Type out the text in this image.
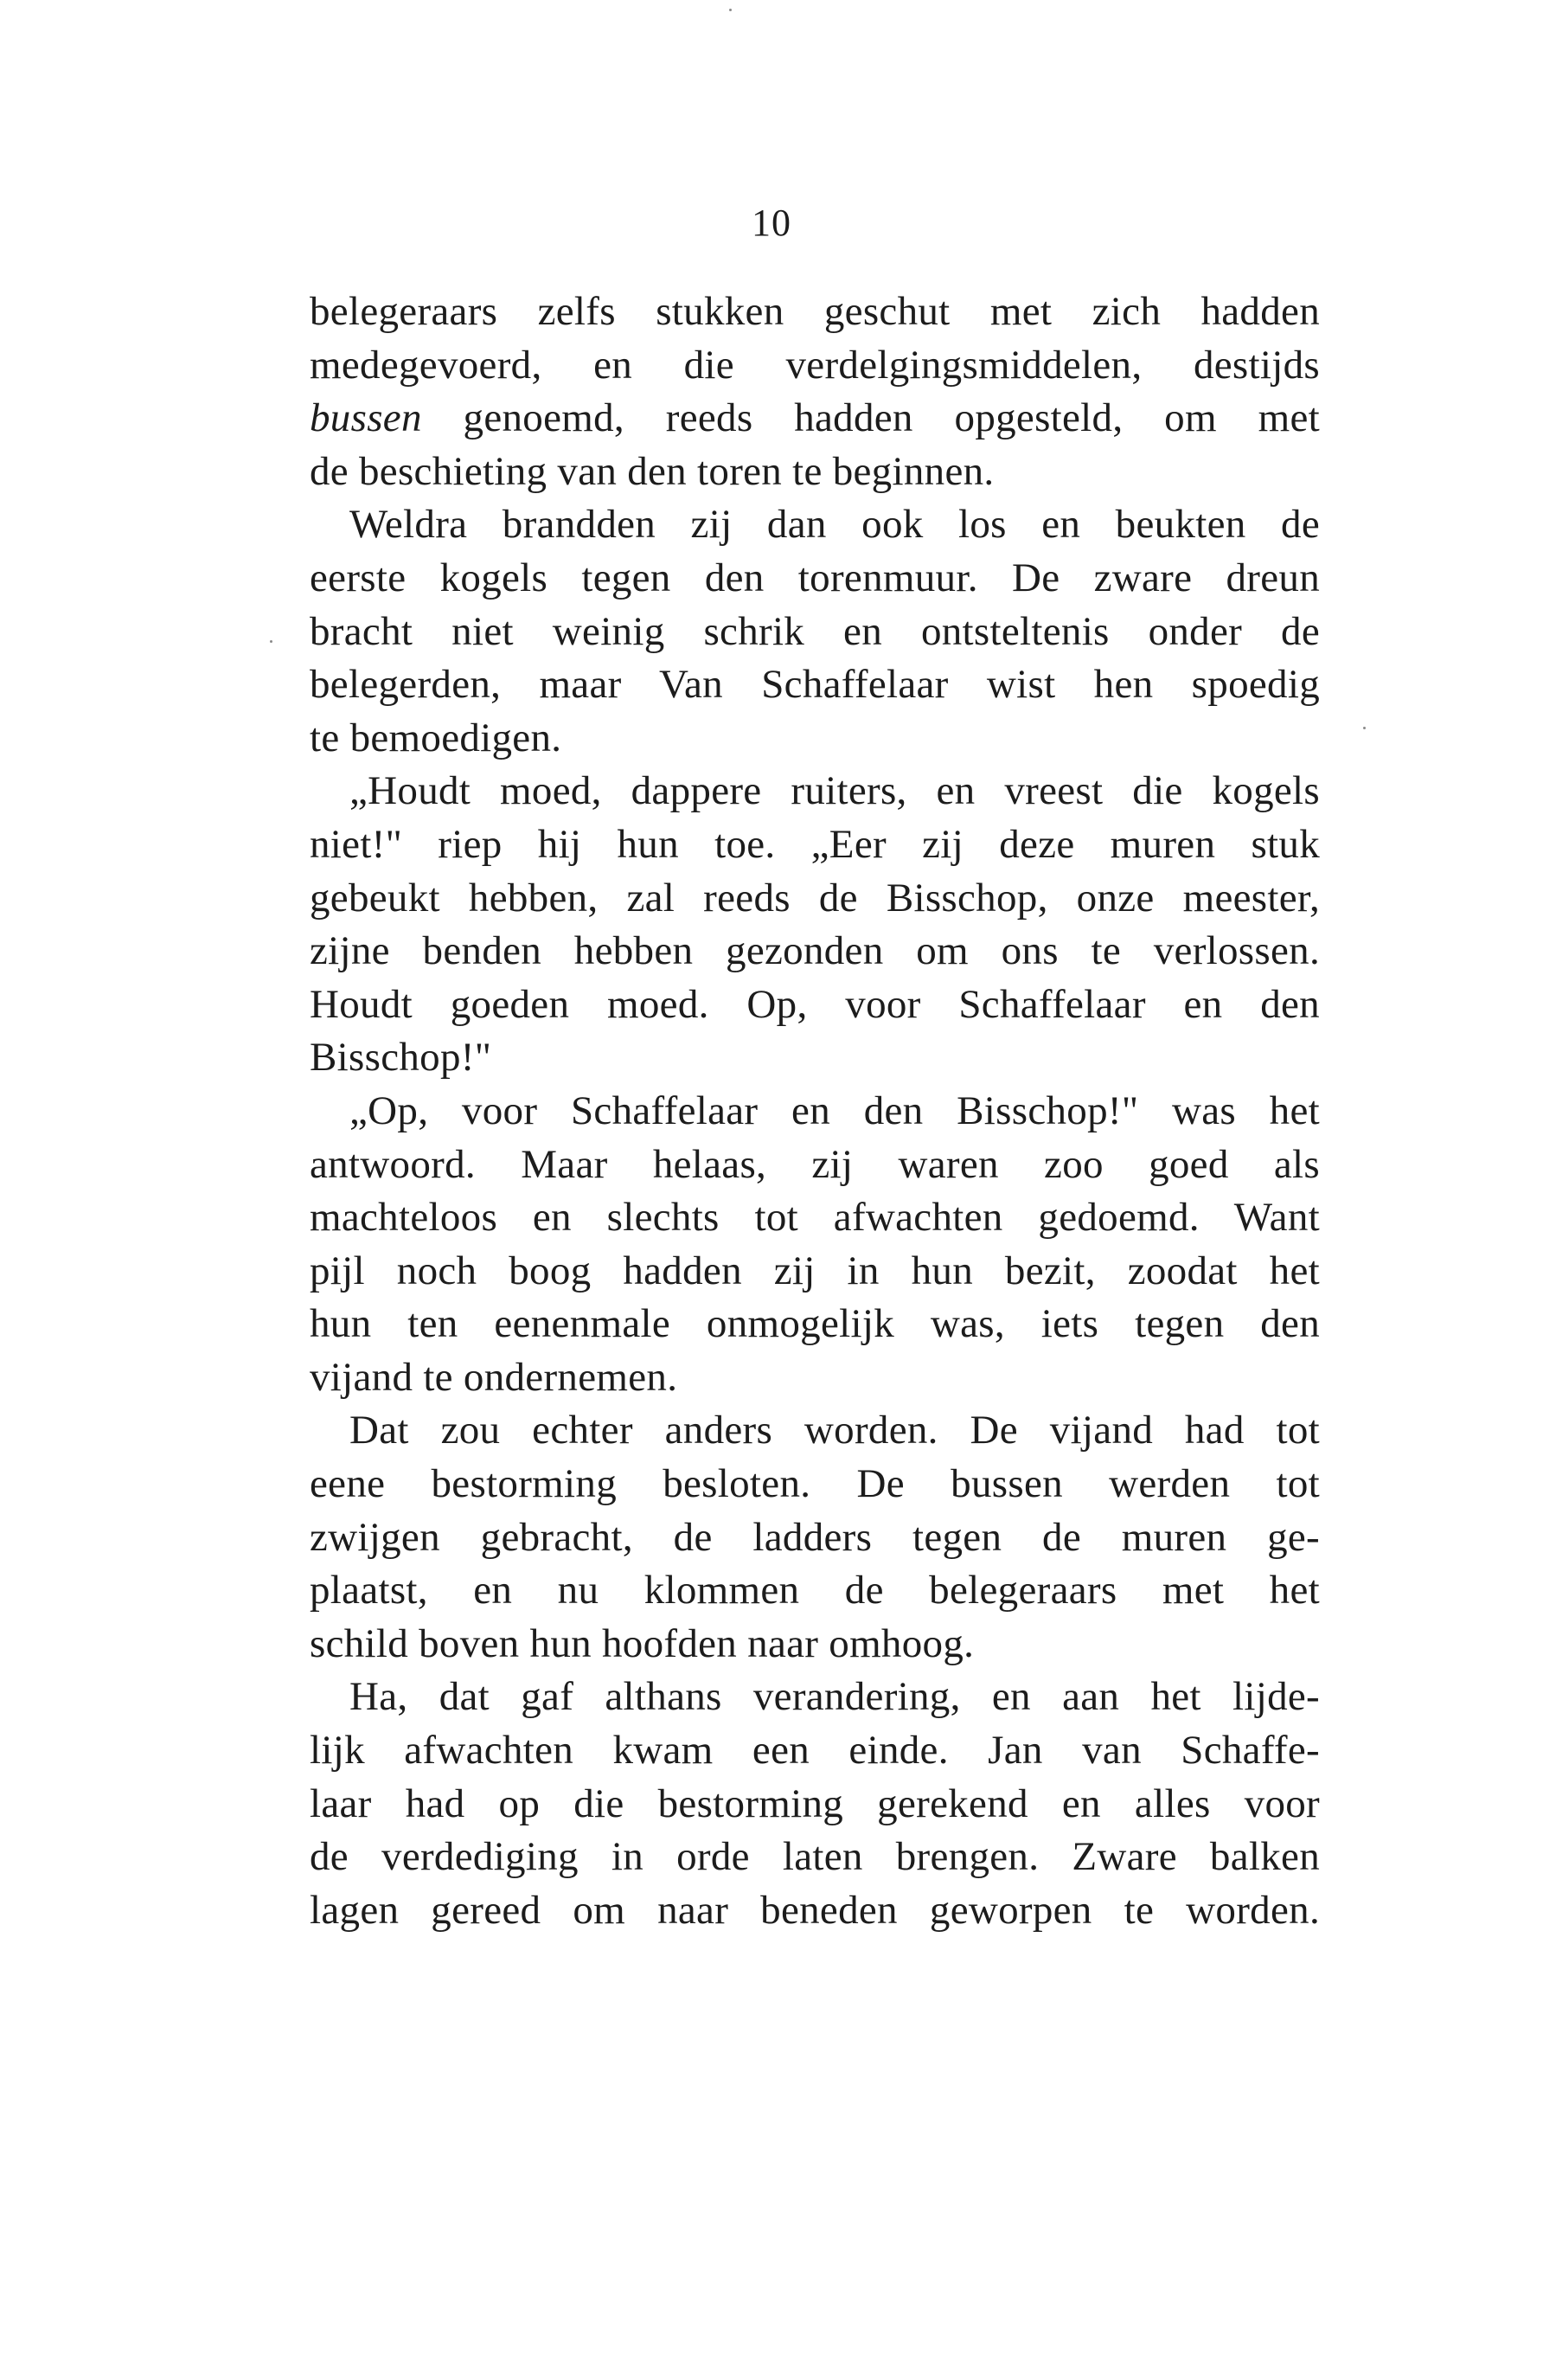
10
belegeraars zelfs stukken geschut met zich hadden
medegevoerd, en die verdelgingsmiddelen, destijds
bussen genoemd, reeds hadden opgesteld, om met
de beschieting van den toren te beginnen.
Weldra brandden zij dan ook los en beukten de
eerste kogels tegen den torenmuur. De zware dreun
bracht niet weinig schrik en ontsteltenis onder de
belegerden, maar Van Schaffelaar wist hen spoedig
te bemoedigen.
„Houdt moed, dappere ruiters, en vreest die kogels
niet!" riep hij hun toe. „Eer zij deze muren stuk
gebeukt hebben, zal reeds de Bisschop, onze meester,
zijne benden hebben gezonden om ons te verlossen.
Houdt goeden moed. Op, voor Schaffelaar en den
Bisschop!"
„Op, voor Schaffelaar en den Bisschop!" was het
antwoord. Maar helaas, zij waren zoo goed als
machteloos en slechts tot afwachten gedoemd. Want
pijl noch boog hadden zij in hun bezit, zoodat het
hun ten eenenmale onmogelijk was, iets tegen den
vijand te ondernemen.
Dat zou echter anders worden. De vijand had tot
eene bestorming besloten. De bussen werden tot
zwijgen gebracht, de ladders tegen de muren ge-
plaatst, en nu klommen de belegeraars met het
schild boven hun hoofden naar omhoog.
Ha, dat gaf althans verandering, en aan het lijde-
lijk afwachten kwam een einde. Jan van Schaffe-
laar had op die bestorming gerekend en alles voor
de verdediging in orde laten brengen. Zware balken
lagen gereed om naar beneden geworpen te worden.
